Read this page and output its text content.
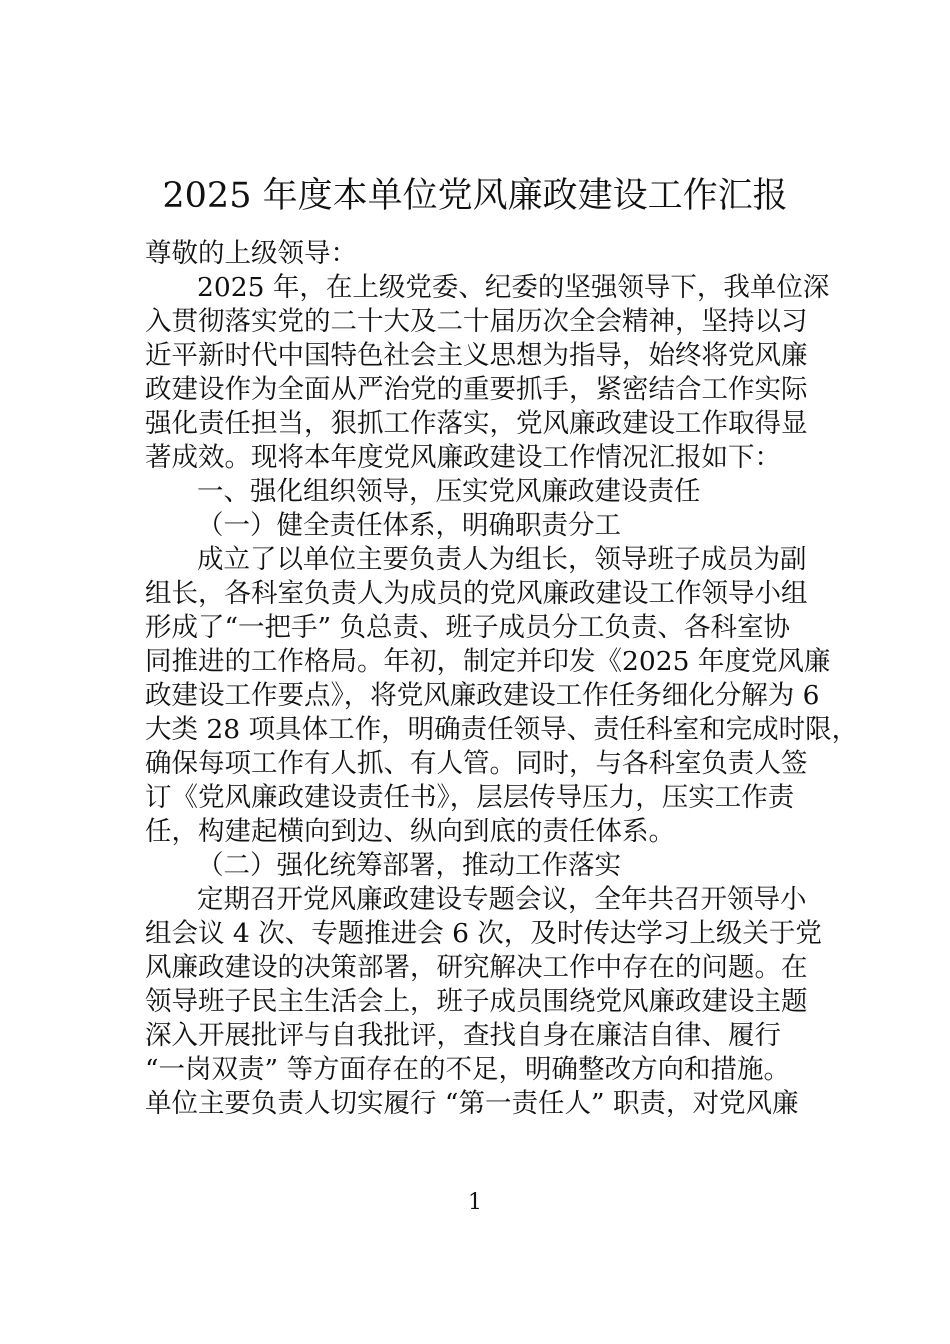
2025 年度本单位党风廉政建设工作汇报
尊敬的上级领导：
2025 年，在上级党委、纪委的坚强领导下，我单位深
入贯彻落实党的二十大及二十届历次全会精神，坚持以习
近平新时代中国特色社会主义思想为指导，始终将党风廉
政建设作为全面从严治党的重要抓手，紧密结合工作实际
强化责任担当，狠抓工作落实，党风廉政建设工作取得显
著成效。现将本年度党风廉政建设工作情况汇报如下：
一、强化组织领导，压实党风廉政建设责任
（一）健全责任体系，明确职责分工
成立了以单位主要负责人为组长，领导班子成员为副
组长，各科室负责人为成员的党风廉政建设工作领导小组
形成了“一把手” 负总责、班子成员分工负责、各科室协
同推进的工作格局。年初，制定并印发《2025 年度党风廉
政建设工作要点》，将党风廉政建设工作任务细化分解为 6
大类 28 项具体工作，明确责任领导、责任科室和完成时限，
确保每项工作有人抓、有人管。同时，与各科室负责人签
订《党风廉政建设责任书》，层层传导压力，压实工作责
任，构建起横向到边、纵向到底的责任体系。
（二）强化统筹部署，推动工作落实
定期召开党风廉政建设专题会议，全年共召开领导小
组会议 4 次、专题推进会 6 次，及时传达学习上级关于党
风廉政建设的决策部署，研究解决工作中存在的问题。在
领导班子民主生活会上，班子成员围绕党风廉政建设主题
深入开展批评与自我批评，查找自身在廉洁自律、履行
“一岗双责” 等方面存在的不足，明确整改方向和措施。
单位主要负责人切实履行 “第一责任人” 职责，对党风廉
1
